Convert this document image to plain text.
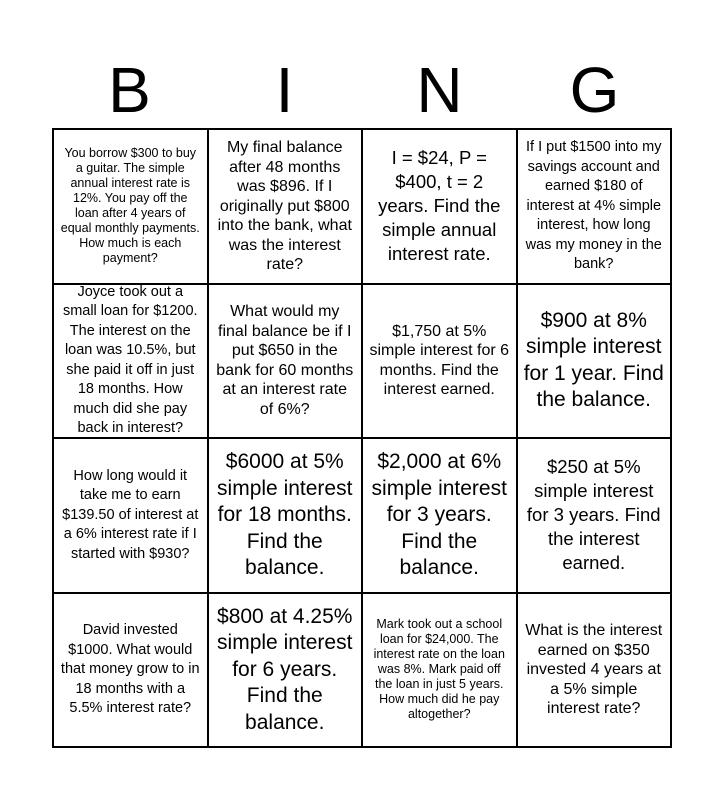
B	I	N	G
You borrow $300 to buy a guitar. The simple annual interest rate is 12%. You pay off the loan after 4 years of equal monthly payments. How much is each payment?
My final balance after 48 months was $896. If I originally put $800 into the bank, what was the interest rate?
I = $24, P = $400, t = 2 years. Find the simple annual interest rate.
If I put $1500 into my savings account and earned $180 of interest at 4% simple interest, how long was my money in the bank?
Joyce took out a small loan for $1200. The interest on the loan was 10.5%, but she paid it off in just 18 months. How much did she pay back in interest?
What would my final balance be if I put $650 in the bank for 60 months at an interest rate of 6%?
$1,750 at 5% simple interest for 6 months. Find the interest earned.
$900 at 8% simple interest for 1 year. Find the balance.
How long would it take me to earn $139.50 of interest at a 6% interest rate if I started with $930?
$6000 at 5% simple interest for 18 months. Find the balance.
$2,000 at 6% simple interest for 3 years. Find the balance.
$250 at 5% simple interest for 3 years. Find the interest earned.
David invested $1000. What would that money grow to in 18 months with a 5.5% interest rate?
$800 at 4.25% simple interest for 6 years. Find the balance.
Mark took out a school loan for $24,000. The interest rate on the loan was 8%. Mark paid off the loan in just 5 years. How much did he pay altogether?
What is the interest earned on $350 invested 4 years at a 5% simple interest rate?
